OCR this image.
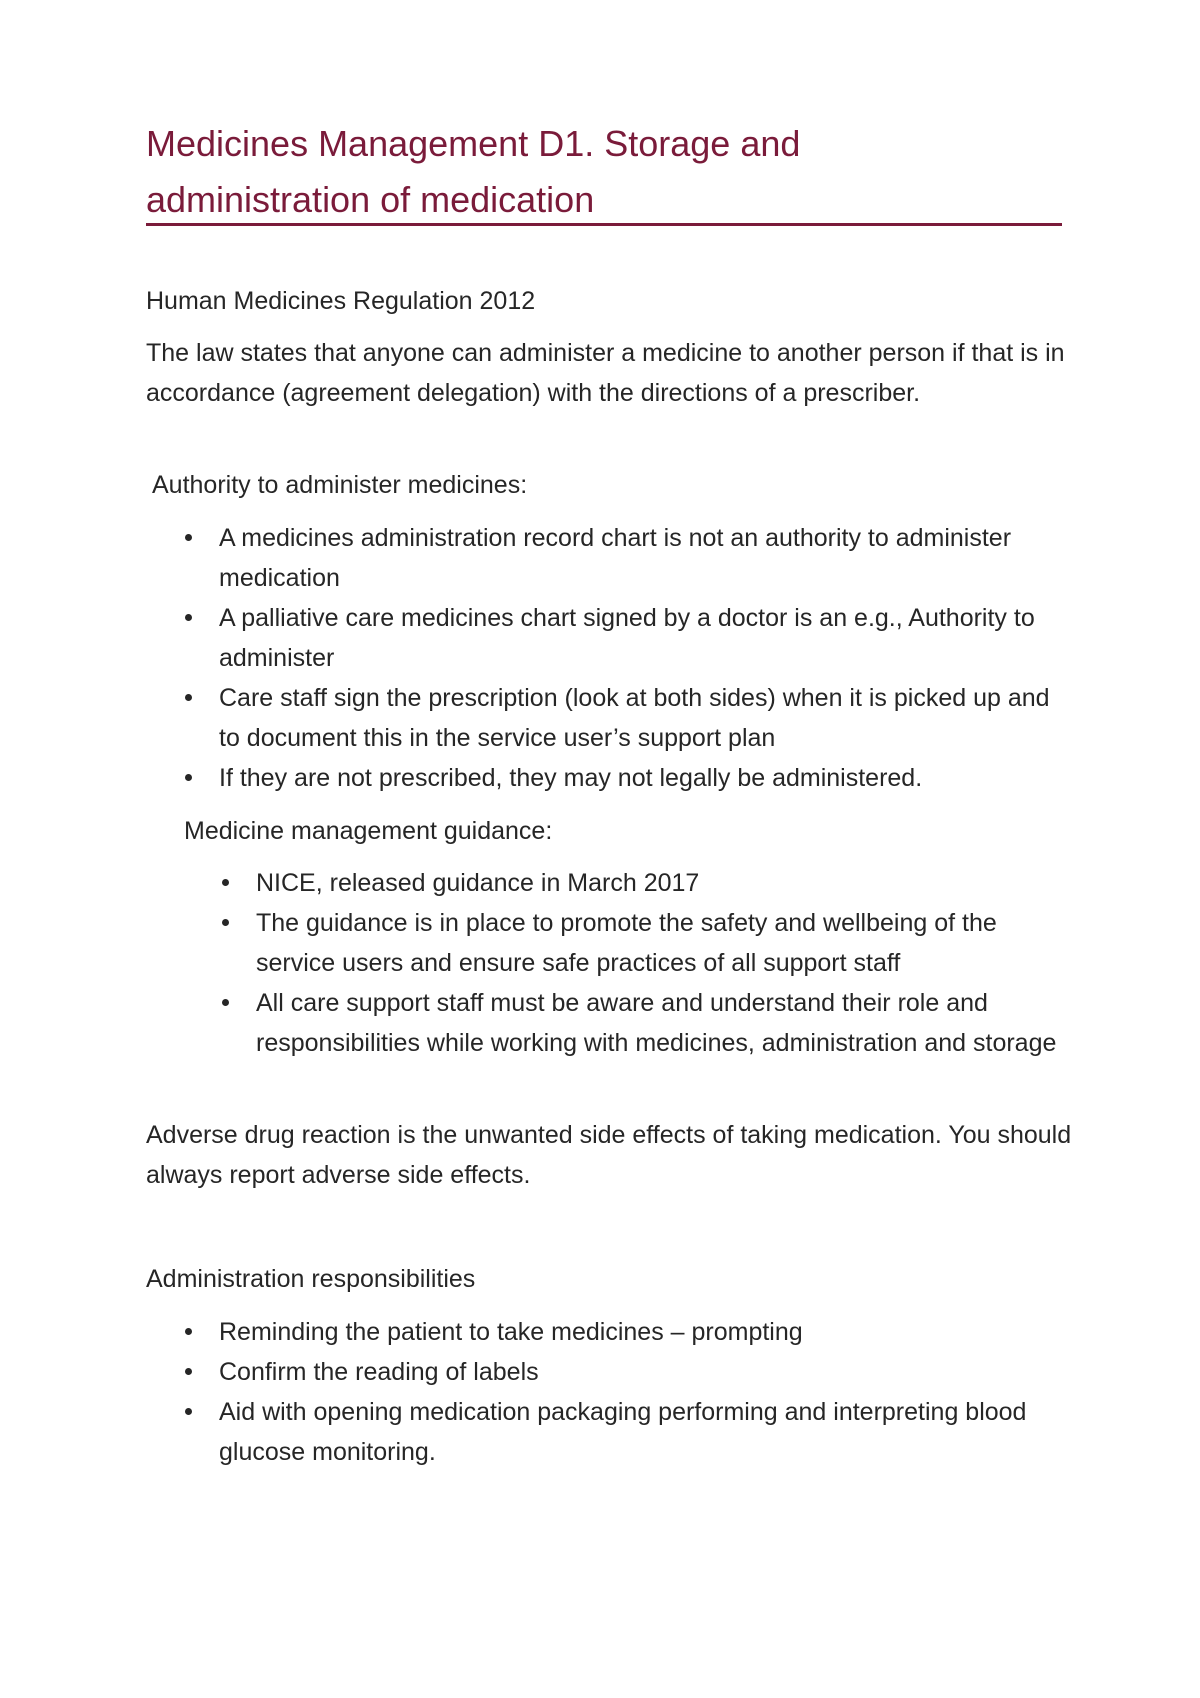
Medicines Management D1. Storage and
administration of medication

Human Medicines Regulation 2012

The law states that anyone can administer a medicine to another person if that is in accordance (agreement delegation) with the directions of a prescriber.

Authority to administer medicines:

A medicines administration record chart is not an authority to administer medication
A palliative care medicines chart signed by a doctor is an e.g., Authority to administer
Care staff sign the prescription (look at both sides) when it is picked up and to document this in the service user’s support plan
If they are not prescribed, they may not legally be administered.

Medicine management guidance:

NICE, released guidance in March 2017
The guidance is in place to promote the safety and wellbeing of the service users and ensure safe practices of all support staff
All care support staff must be aware and understand their role and responsibilities while working with medicines, administration and storage

Adverse drug reaction is the unwanted side effects of taking medication. You should always report adverse side effects.

Administration responsibilities

Reminding the patient to take medicines – prompting
Confirm the reading of labels
Aid with opening medication packaging performing and interpreting blood glucose monitoring.
